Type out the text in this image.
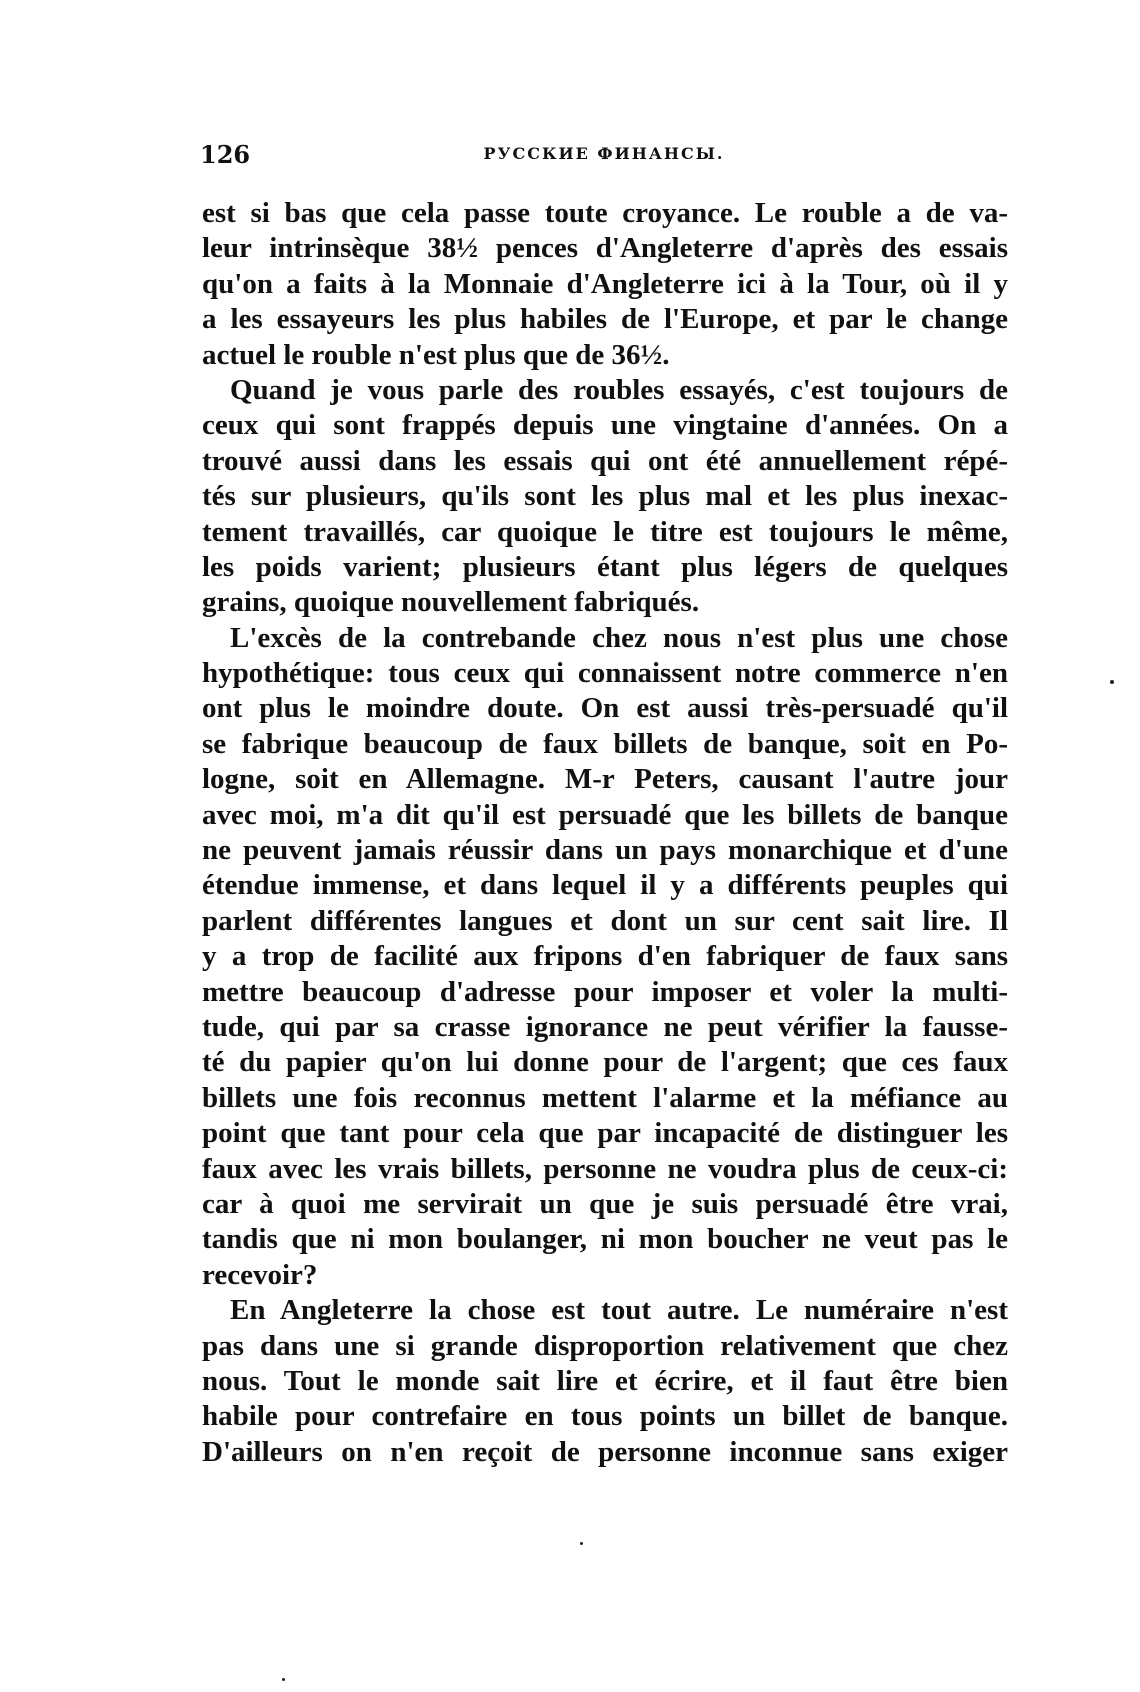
126	РУССКИЕ ФИНАНСЫ.
est si bas que cela passe toute croyance. Le rouble a de va-
leur intrinsèque 38½ pences d'Angleterre d'après des essais
qu'on a faits à la Monnaie d'Angleterre ici à la Tour, où il y
a les essayeurs les plus habiles de l'Europe, et par le change
actuel le rouble n'est plus que de 36½.
Quand je vous parle des roubles essayés, c'est toujours de
ceux qui sont frappés depuis une vingtaine d'années. On a
trouvé aussi dans les essais qui ont été annuellement répé-
tés sur plusieurs, qu'ils sont les plus mal et les plus inexac-
tement travaillés, car quoique le titre est toujours le même,
les poids varient; plusieurs étant plus légers de quelques
grains, quoique nouvellement fabriqués.
L'excès de la contrebande chez nous n'est plus une chose
hypothétique: tous ceux qui connaissent notre commerce n'en
ont plus le moindre doute. On est aussi très-persuadé qu'il
se fabrique beaucoup de faux billets de banque, soit en Po-
logne, soit en Allemagne. M-r Peters, causant l'autre jour
avec moi, m'a dit qu'il est persuadé que les billets de banque
ne peuvent jamais réussir dans un pays monarchique et d'une
étendue immense, et dans lequel il y a différents peuples qui
parlent différentes langues et dont un sur cent sait lire. Il
y a trop de facilité aux fripons d'en fabriquer de faux sans
mettre beaucoup d'adresse pour imposer et voler la multi-
tude, qui par sa crasse ignorance ne peut vérifier la fausse-
té du papier qu'on lui donne pour de l'argent; que ces faux
billets une fois reconnus mettent l'alarme et la méfiance au
point que tant pour cela que par incapacité de distinguer les
faux avec les vrais billets, personne ne voudra plus de ceux-ci:
car à quoi me servirait un que je suis persuadé être vrai,
tandis que ni mon boulanger, ni mon boucher ne veut pas le
recevoir?
En Angleterre la chose est tout autre. Le numéraire n'est
pas dans une si grande disproportion relativement que chez
nous. Tout le monde sait lire et écrire, et il faut être bien
habile pour contrefaire en tous points un billet de banque.
D'ailleurs on n'en reçoit de personne inconnue sans exiger
